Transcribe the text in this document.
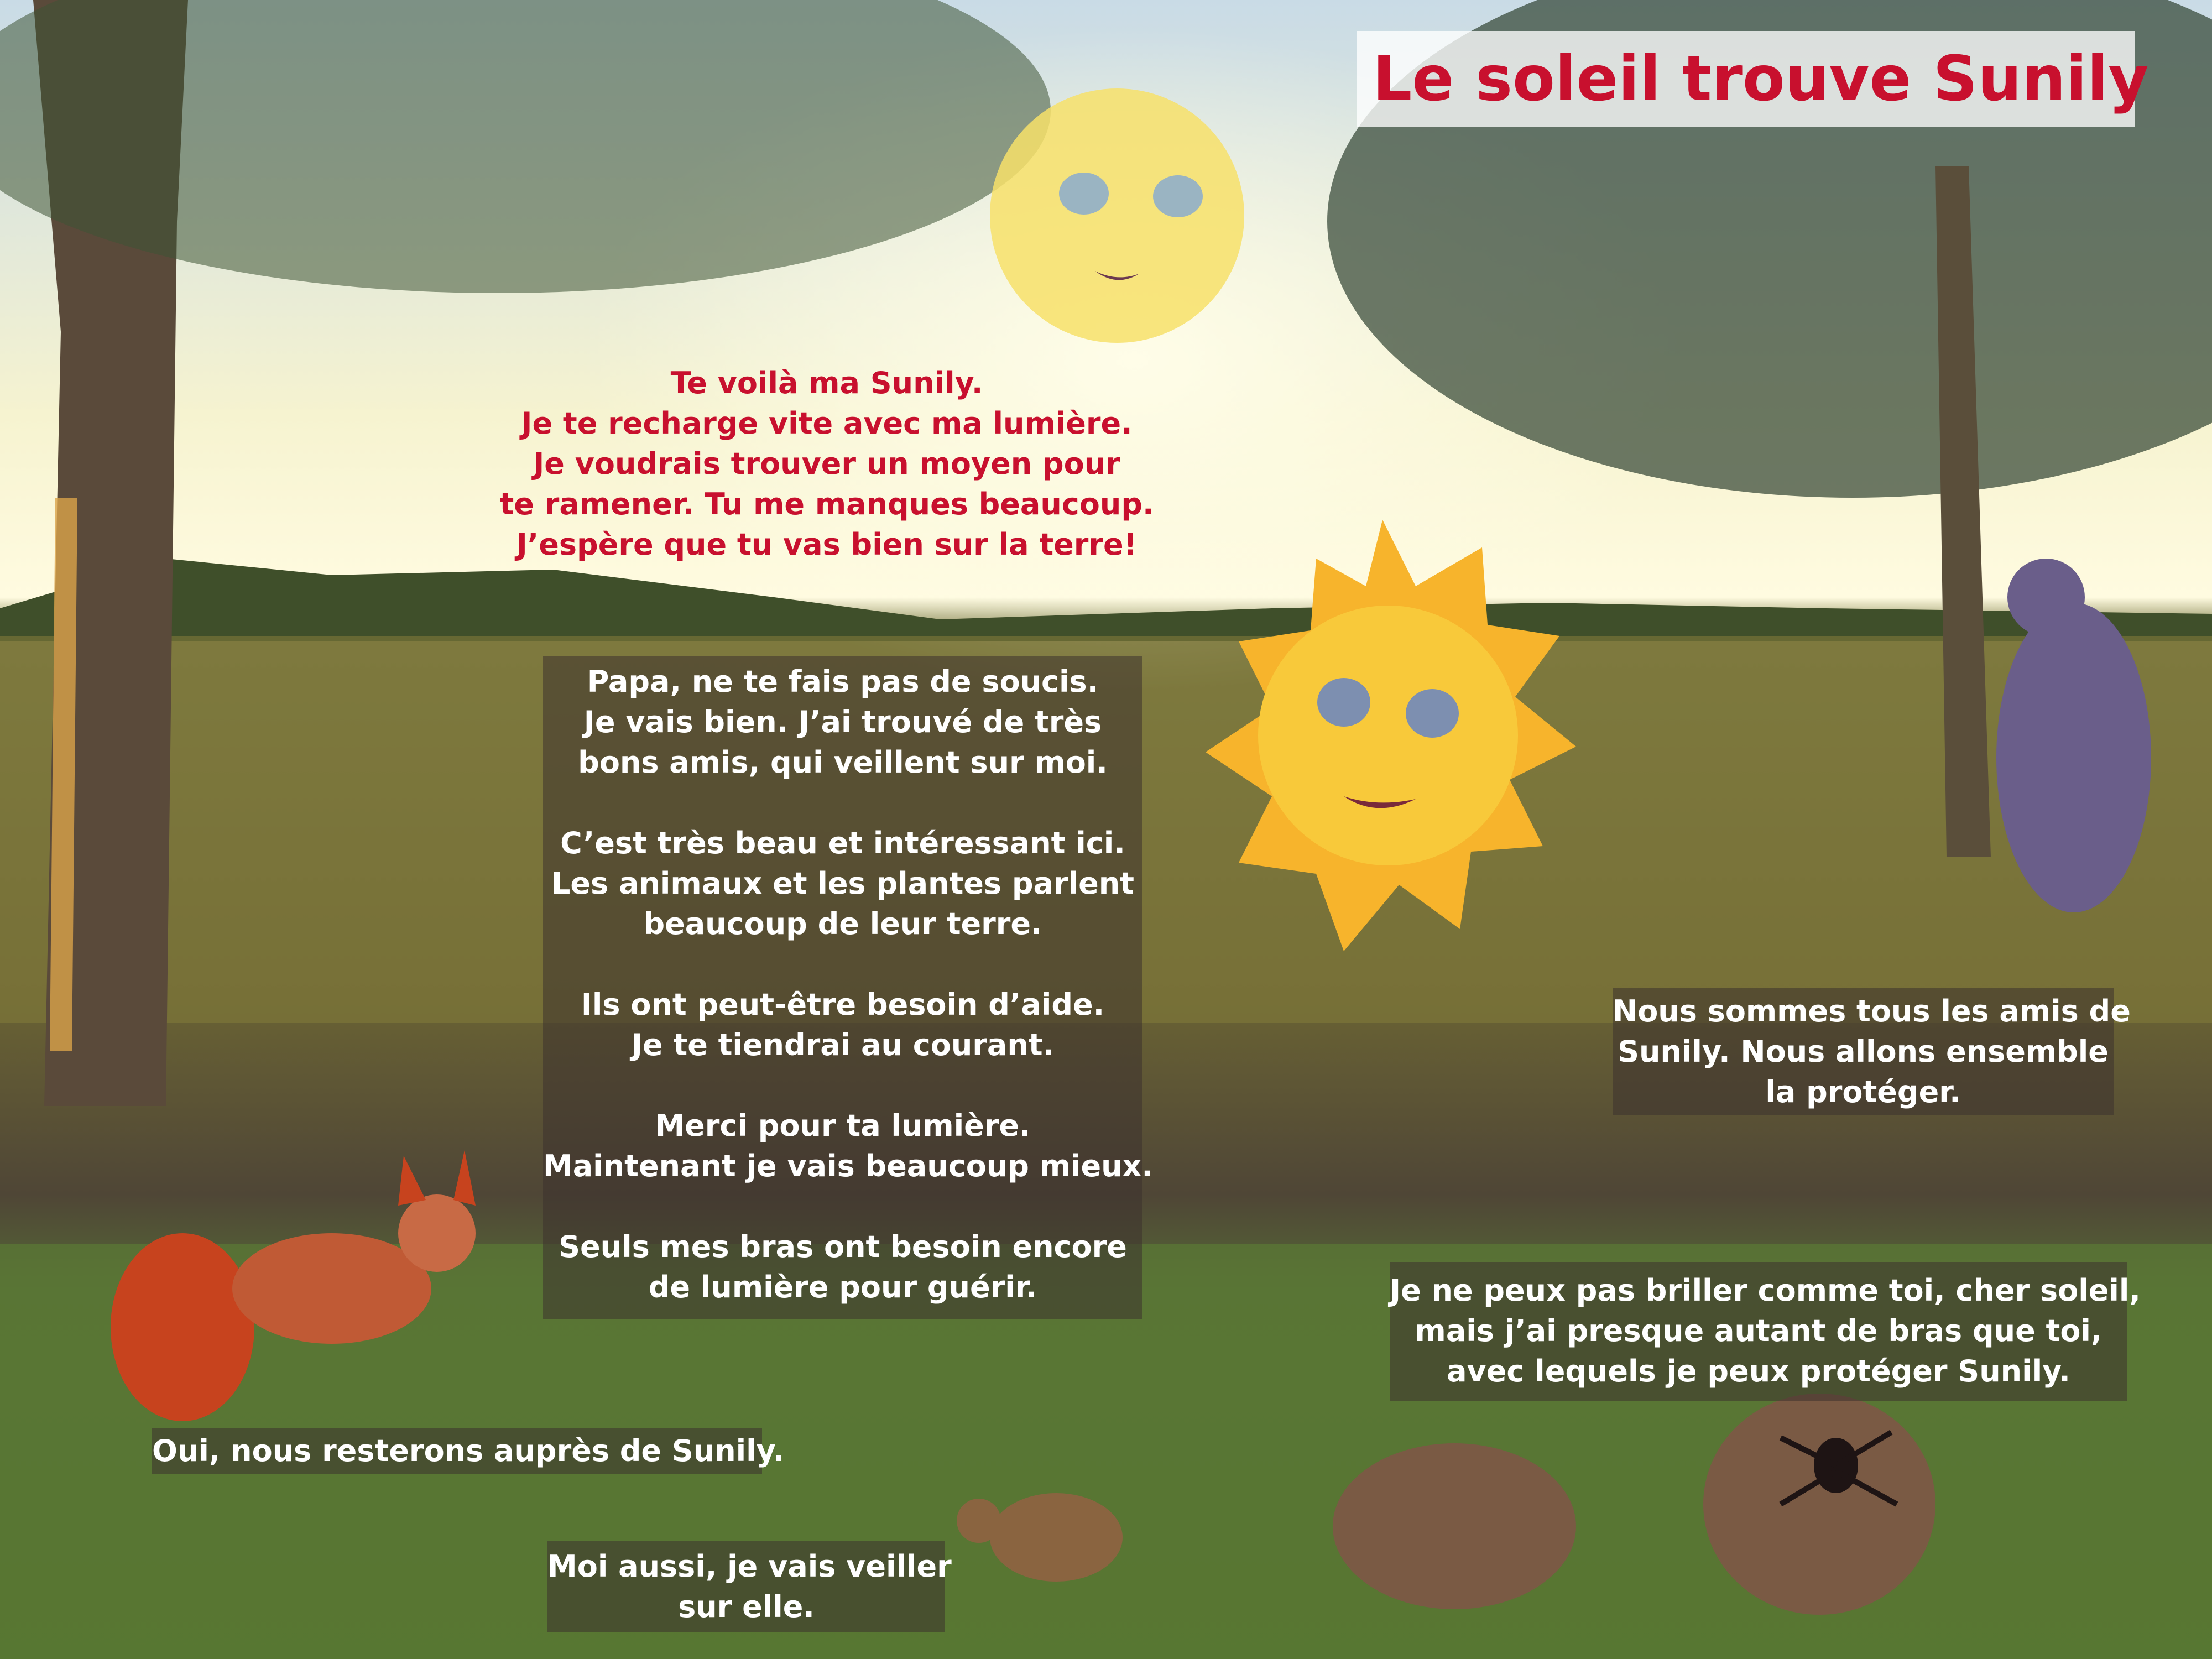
Le soleil trouve Sunily
Te voilà ma Sunily.
Je te recharge vite avec ma lumière.
Je voudrais trouver un moyen pour
te ramener. Tu me manques beaucoup.
J’espère que tu vas bien sur la terre!
Papa, ne te fais pas de soucis.
Je vais bien. J’ai trouvé de très
bons amis, qui veillent sur moi.
C’est très beau et intéressant ici.
Les animaux et les plantes parlent
beaucoup de leur terre.
Ils ont peut-être besoin d’aide.
Je te tiendrai au courant.
Merci pour ta lumière.
Maintenant je vais beaucoup mieux.
Seuls mes bras ont besoin encore
de lumière pour guérir.
Nous sommes tous les amis de
Sunily. Nous allons ensemble
la protéger.
Je ne peux pas briller comme toi, cher soleil,
mais j’ai presque autant de bras que toi,
avec lequels je peux protéger Sunily.
Oui, nous resterons auprès de Sunily.
Moi aussi, je vais veiller
sur elle.
